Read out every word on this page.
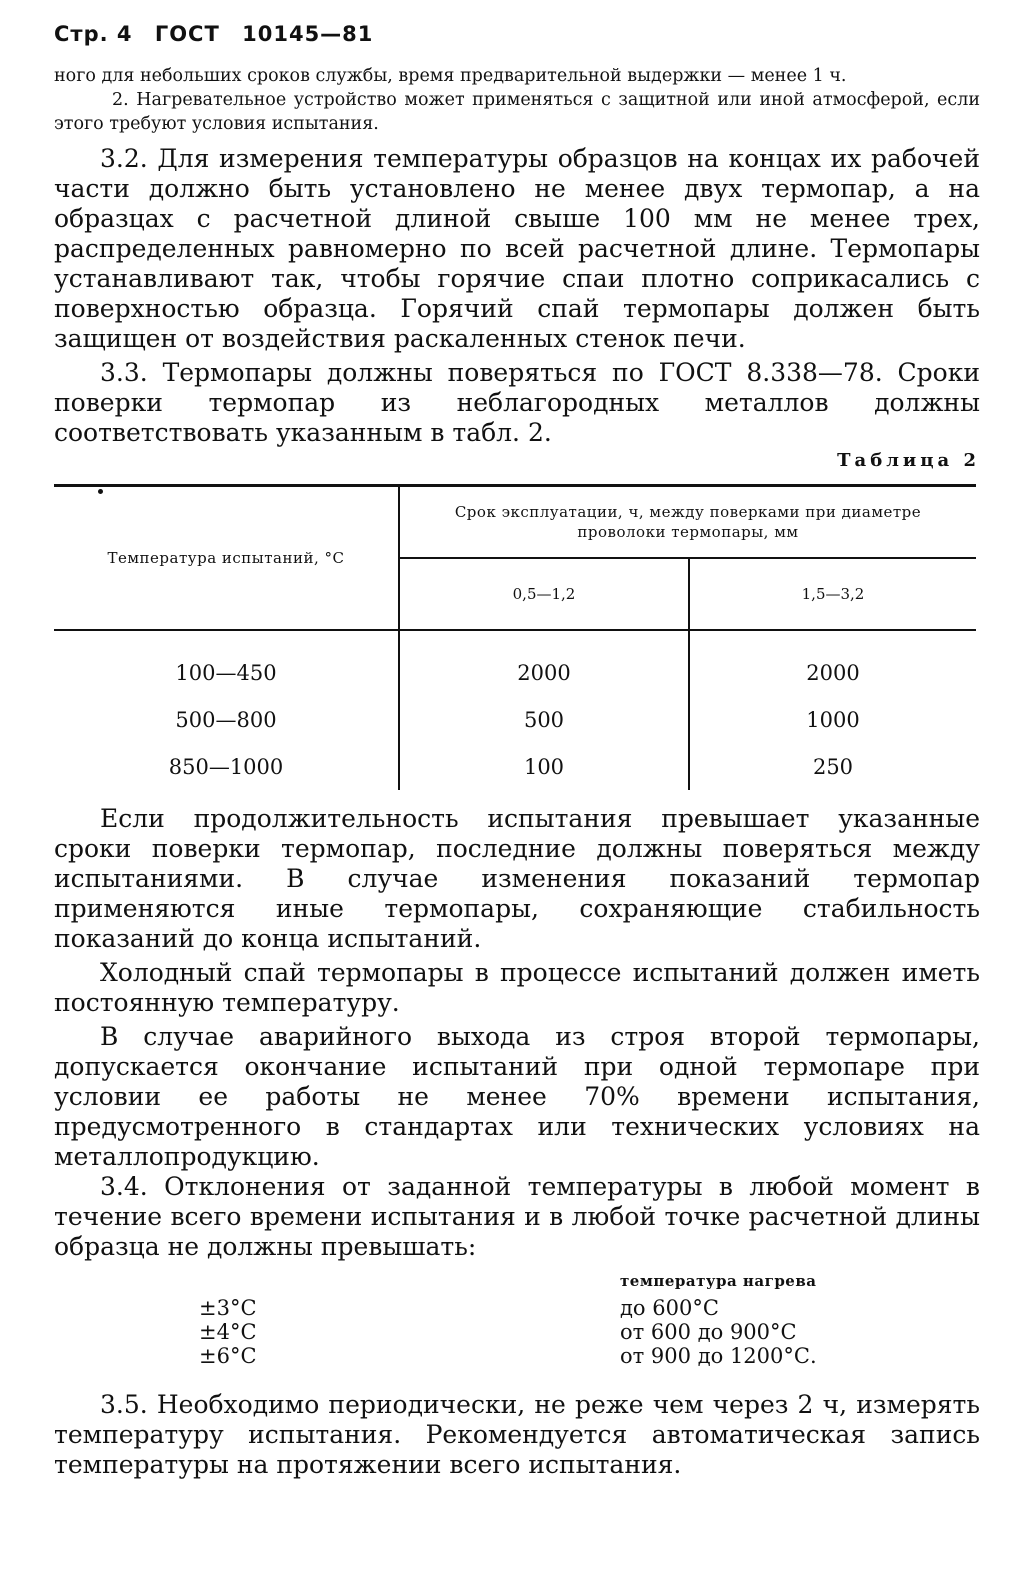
Стр. 4 ГОСТ 10145—81

ного для небольших сроков службы, время предварительной выдержки — менее 1 ч.

2. Нагревательное устройство может применяться с защитной или иной атмосферой, если этого требуют условия испытания.

3.2. Для измерения температуры образцов на концах их рабочей части должно быть установлено не менее двух термопар, а на образцах с расчетной длиной свыше 100 мм не менее трех, распределенных равномерно по всей расчетной длине. Термопары устанавливают так, чтобы горячие спаи плотно соприкасались с поверхностью образца. Горячий спай термопары должен быть защищен от воздействия раскаленных стенок печи.

3.3. Термопары должны поверяться по ГОСТ 8.338—78. Сроки поверки термопар из неблагородных металлов должны соответствовать указанным в табл. 2.

Таблица 2
Температура испытаний, °С	Срок эксплуатации, ч, между поверками при диаметре проволоки термопары, мм	
	0,5—1,2	1,5—3,2
100—450	2000	2000
500—800	500	1000
850—1000	100	250

Если продолжительность испытания превышает указанные сроки поверки термопар, последние должны поверяться между испытаниями. В случае изменения показаний термопар применяются иные термопары, сохраняющие стабильность показаний до конца испытаний.

Холодный спай термопары в процессе испытаний должен иметь постоянную температуру.

В случае аварийного выхода из строя второй термопары, допускается окончание испытаний при одной термопаре при условии ее работы не менее 70% времени испытания, предусмотренного в стандартах или технических условиях на металлопродукцию.

3.4. Отклонения от заданной температуры в любой момент в течение всего времени испытания и в любой точке расчетной длины образца не должны превышать:

температура нагрева
±3°С	до 600°С
±4°С	от 600 до 900°С
±6°С	от 900 до 1200°С.

3.5. Необходимо периодически, не реже чем через 2 ч, измерять температуру испытания. Рекомендуется автоматическая запись температуры на протяжении всего испытания.
